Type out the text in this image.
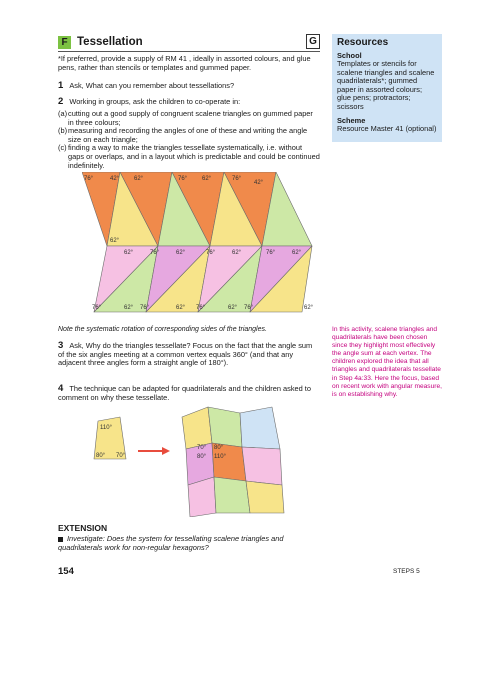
F Tessellation	G
*If preferred, provide a supply of RM 41 , ideally in assorted colours, and glue pens, rather than stencils or templates and gummed paper.
1 Ask, What can you remember about tessellations?
2 Working in groups, ask the children to co-operate in:
(a) cutting out a good supply of congruent scalene triangles on gummed paper in three colours;
(b) measuring and recording the angles of one of these and writing the angle size on each triangle;
(c) finding a way to make the triangles tessellate systematically, i.e. without gaps or overlaps, and in a layout which is predictable and could be continued indefinitely.
Resources
School

Templates or stencils for scalene triangles and scalene quadrilaterals*; gummed paper in assorted colours; glue pens; protractors; scissors

Scheme

Resource Master 41 (optional)

76°	42° 62°	76° 62°	76°
42°
62°
62°	76°	62°	76°	62°	76°	62°
76°	62° 76°	62° 76°	62° 76°	62°
Note the systematic rotation of corresponding sides of the triangles.
3 Ask, Why do the triangles tessellate? Focus on the fact that the angle sum of the six angles meeting at a common vertex equals 360° (and that any adjacent three angles form a straight angle of 180°).
4 The technique can be adapted for quadrilaterals and the children asked to comment on why these tessellate.
In this activity, scalene triangles and quadrilaterals have been chosen since they highlight most effectively the angle sum at each vertex. The children explored the idea that all triangles and quadrilaterals tessellate in Step 4a:33. Here the focus, based on recent work with angular measure, is on establishing why.
110°
80° 70°
70° 80°
80° 110°
EXTENSION
Investigate: Does the system for tessellating scalene triangles and quadrilaterals work for non-regular hexagons?
154	STEPS 5
